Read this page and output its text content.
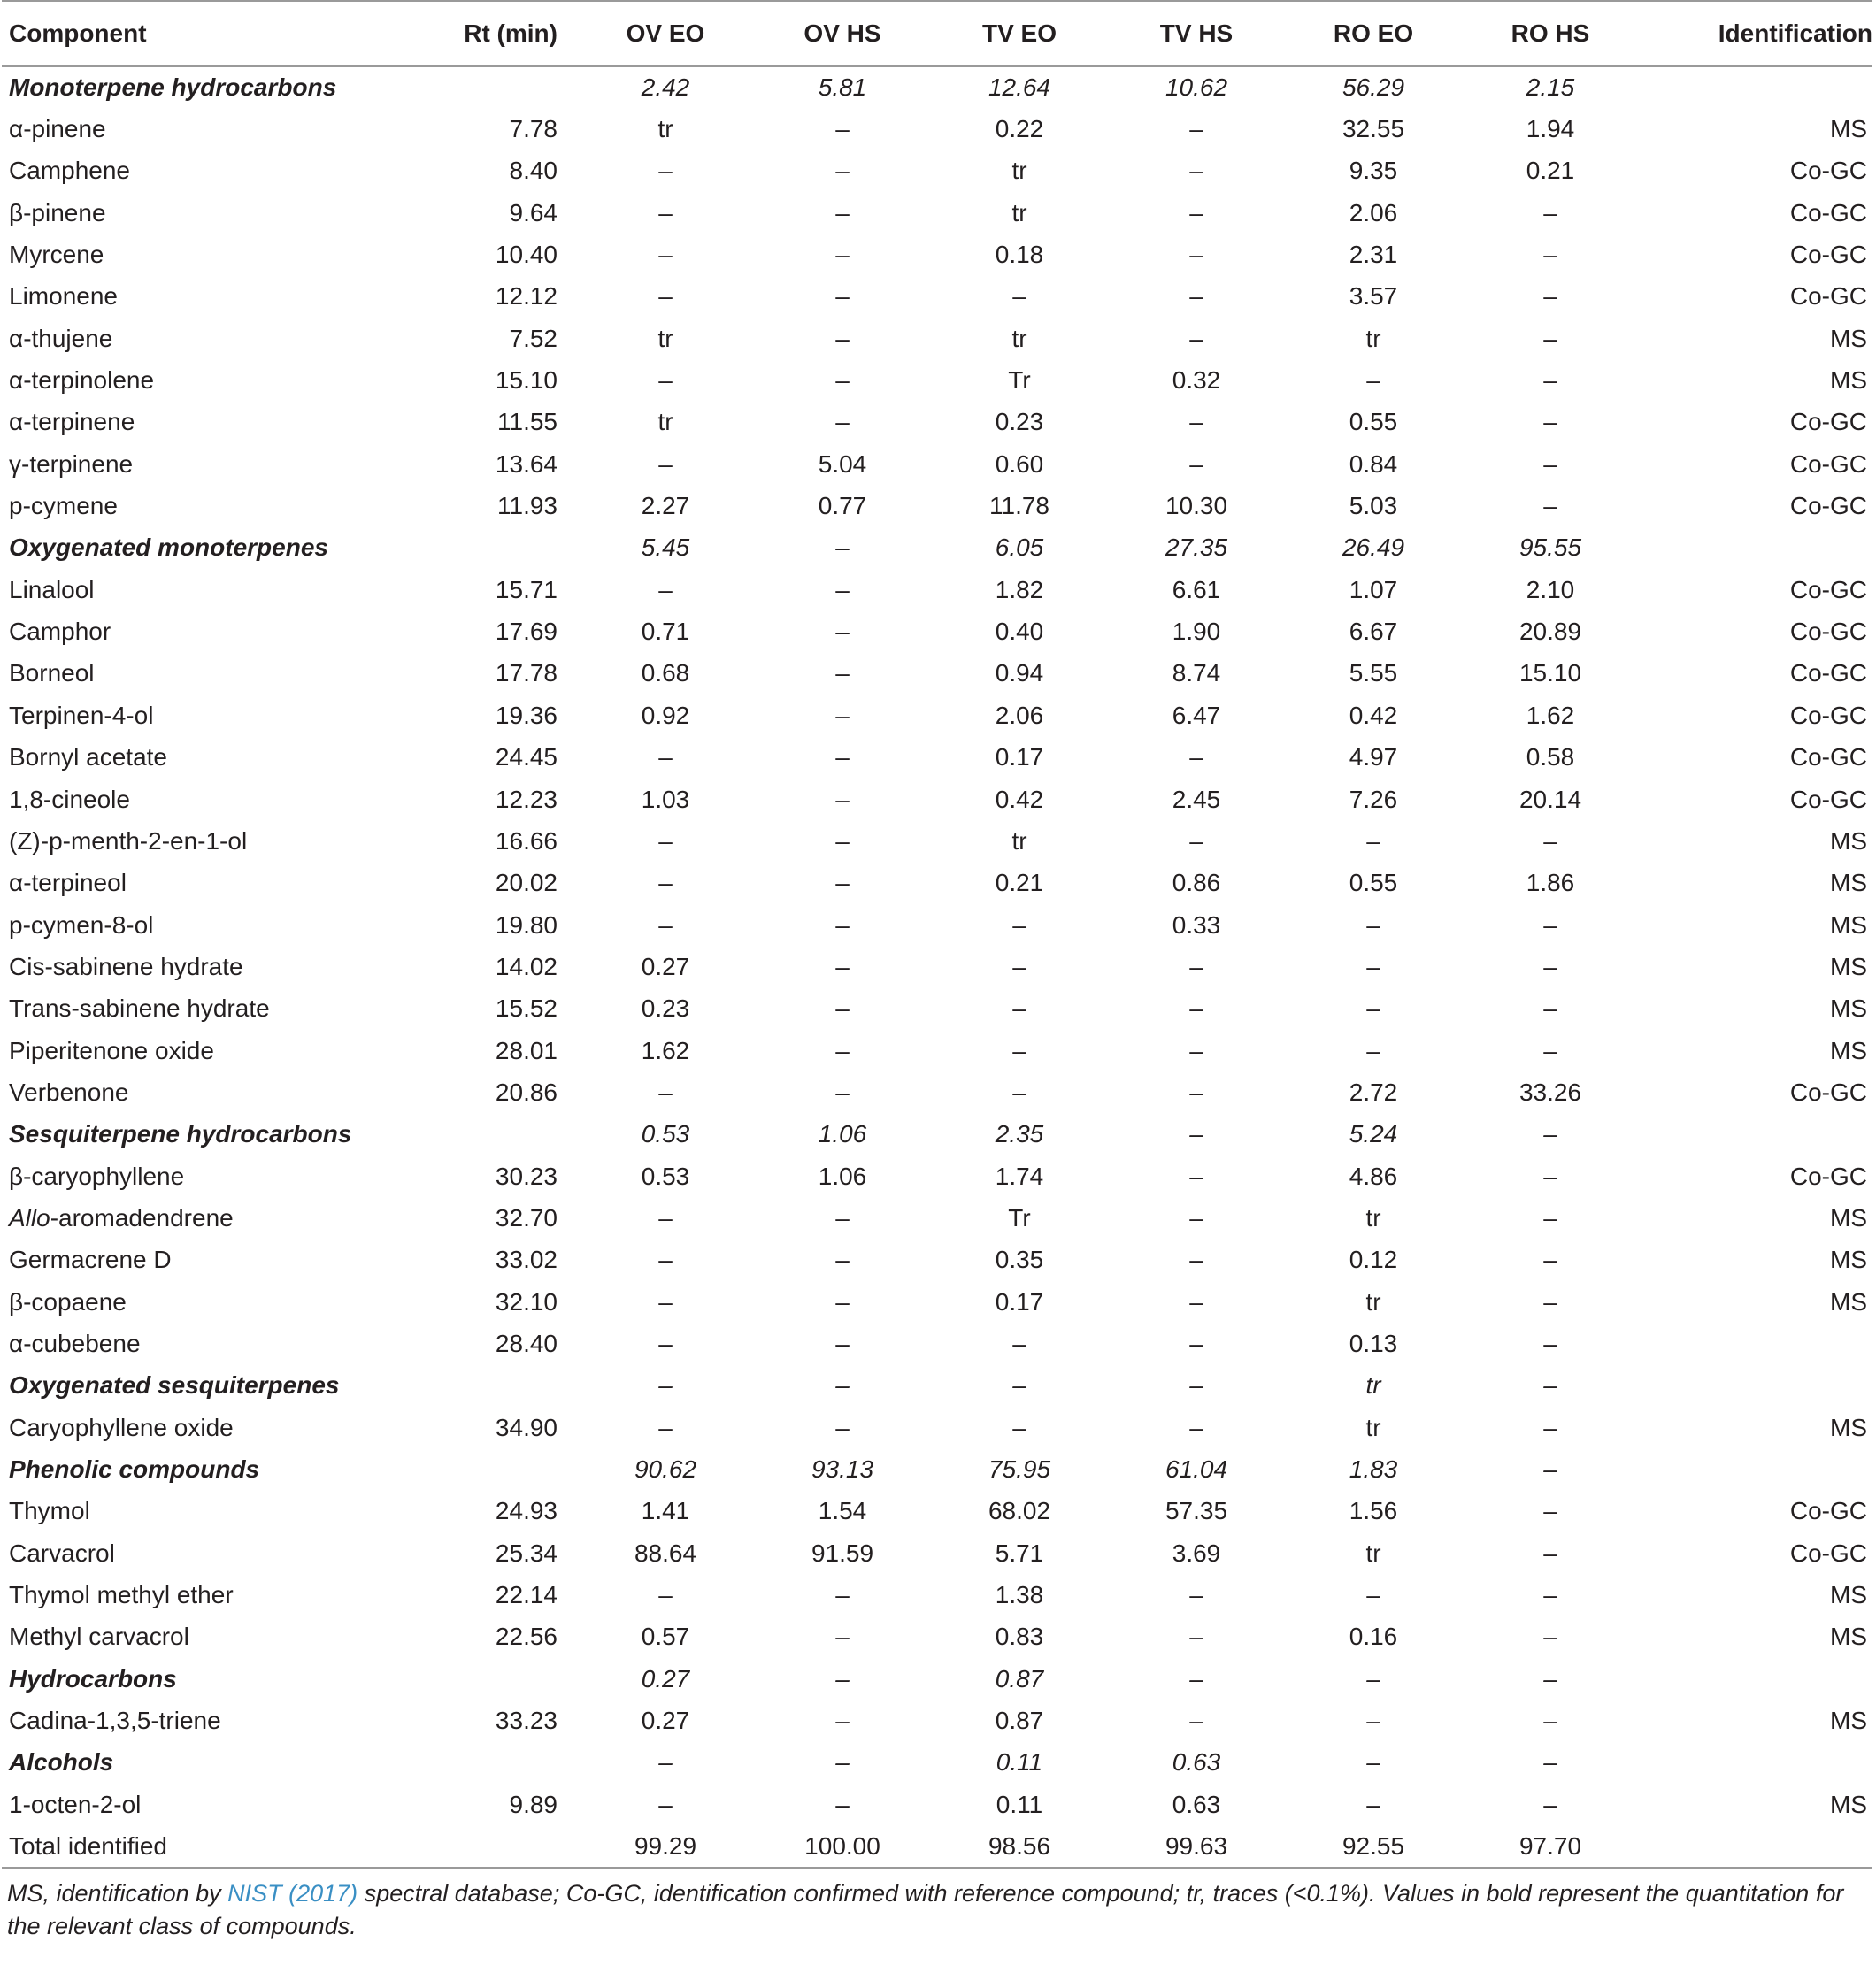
Component	Rt (min)	OV EO	OV HS	TV EO	TV HS	RO EO	RO HS	Identification
Monoterpene hydrocarbons		2.42	5.81	12.64	10.62	56.29	2.15	
α-pinene	7.78	tr	–	0.22	–	32.55	1.94	MS
Camphene	8.40	–	–	tr	–	9.35	0.21	Co-GC
β-pinene	9.64	–	–	tr	–	2.06	–	Co-GC
Myrcene	10.40	–	–	0.18	–	2.31	–	Co-GC
Limonene	12.12	–	–	–	–	3.57	–	Co-GC
α-thujene	7.52	tr	–	tr	–	tr	–	MS
α-terpinolene	15.10	–	–	Tr	0.32	–	–	MS
α-terpinene	11.55	tr	–	0.23	–	0.55	–	Co-GC
γ-terpinene	13.64	–	5.04	0.60	–	0.84	–	Co-GC
p-cymene	11.93	2.27	0.77	11.78	10.30	5.03	–	Co-GC
Oxygenated monoterpenes		5.45	–	6.05	27.35	26.49	95.55	
Linalool	15.71	–	–	1.82	6.61	1.07	2.10	Co-GC
Camphor	17.69	0.71	–	0.40	1.90	6.67	20.89	Co-GC
Borneol	17.78	0.68	–	0.94	8.74	5.55	15.10	Co-GC
Terpinen-4-ol	19.36	0.92	–	2.06	6.47	0.42	1.62	Co-GC
Bornyl acetate	24.45	–	–	0.17	–	4.97	0.58	Co-GC
1,8-cineole	12.23	1.03	–	0.42	2.45	7.26	20.14	Co-GC
(Z)-p-menth-2-en-1-ol	16.66	–	–	tr	–	–	–	MS
α-terpineol	20.02	–	–	0.21	0.86	0.55	1.86	MS
p-cymen-8-ol	19.80	–	–	–	0.33	–	–	MS
Cis-sabinene hydrate	14.02	0.27	–	–	–	–	–	MS
Trans-sabinene hydrate	15.52	0.23	–	–	–	–	–	MS
Piperitenone oxide	28.01	1.62	–	–	–	–	–	MS
Verbenone	20.86	–	–	–	–	2.72	33.26	Co-GC
Sesquiterpene hydrocarbons		0.53	1.06	2.35	–	5.24	–	
β-caryophyllene	30.23	0.53	1.06	1.74	–	4.86	–	Co-GC
Allo-aromadendrene	32.70	–	–	Tr	–	tr	–	MS
Germacrene D	33.02	–	–	0.35	–	0.12	–	MS
β-copaene	32.10	–	–	0.17	–	tr	–	MS
α-cubebene	28.40	–	–	–	–	0.13	–	
Oxygenated sesquiterpenes		–	–	–	–	tr	–	
Caryophyllene oxide	34.90	–	–	–	–	tr	–	MS
Phenolic compounds		90.62	93.13	75.95	61.04	1.83	–	
Thymol	24.93	1.41	1.54	68.02	57.35	1.56	–	Co-GC
Carvacrol	25.34	88.64	91.59	5.71	3.69	tr	–	Co-GC
Thymol methyl ether	22.14	–	–	1.38	–	–	–	MS
Methyl carvacrol	22.56	0.57	–	0.83	–	0.16	–	MS
Hydrocarbons		0.27	–	0.87	–	–	–	
Cadina-1,3,5-triene	33.23	0.27	–	0.87	–	–	–	MS
Alcohols		–	–	0.11	0.63	–	–	
1-octen-2-ol	9.89	–	–	0.11	0.63	–	–	MS
Total identified		99.29	100.00	98.56	99.63	92.55	97.70	
MS, identification by NIST (2017) spectral database; Co-GC, identification confirmed with reference compound; tr, traces (<0.1%). Values in bold represent the quantitation for the relevant class of compounds.
